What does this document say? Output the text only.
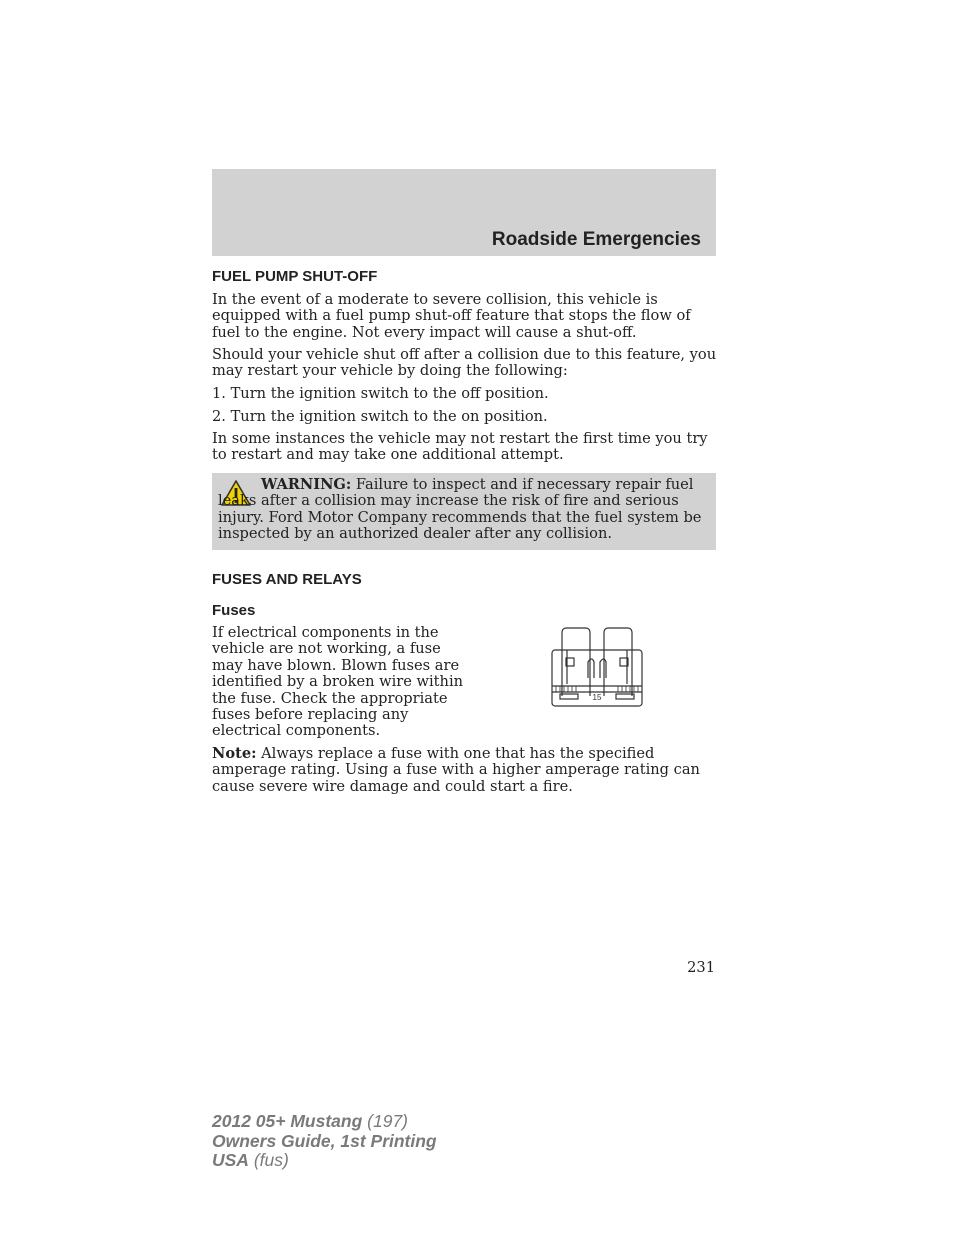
Roadside Emergencies
FUEL PUMP SHUT-OFF
In the event of a moderate to severe collision, this vehicle is equipped with a fuel pump shut-off feature that stops the flow of fuel to the engine. Not every impact will cause a shut-off.
Should your vehicle shut off after a collision due to this feature, you may restart your vehicle by doing the following:
1. Turn the ignition switch to the off position.
2. Turn the ignition switch to the on position.
In some instances the vehicle may not restart the first time you try to restart and may take one additional attempt.
WARNING: Failure to inspect and if necessary repair fuel leaks after a collision may increase the risk of fire and serious injury. Ford Motor Company recommends that the fuel system be inspected by an authorized dealer after any collision.
FUSES AND RELAYS
Fuses
If electrical components in the vehicle are not working, a fuse may have blown. Blown fuses are identified by a broken wire within the fuse. Check the appropriate fuses before replacing any electrical components.
15
Note: Always replace a fuse with one that has the specified amperage rating. Using a fuse with a higher amperage rating can cause severe wire damage and could start a fire.
231
2012 05+ Mustang (197)
Owners Guide, 1st Printing
USA (fus)
